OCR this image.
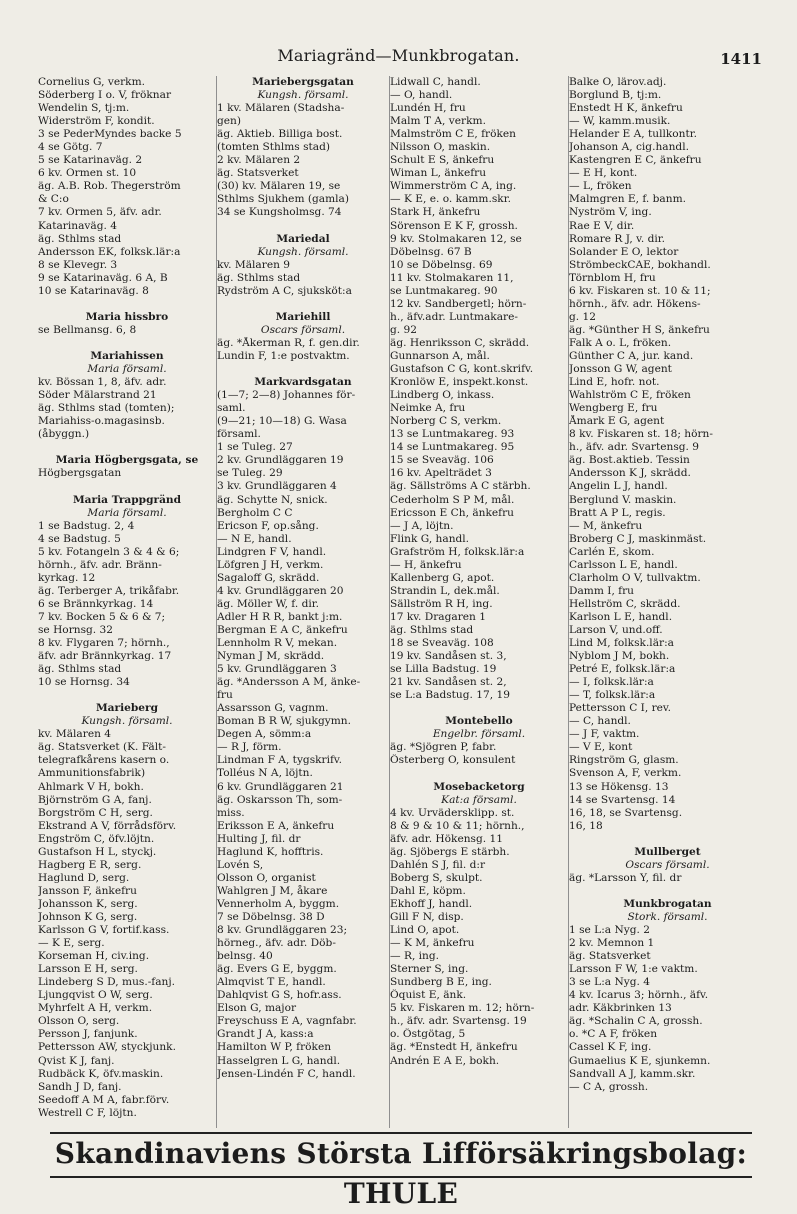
Mariagränd—Munkbrogatan.	1411
Cornelius G, verkm.
Söderberg I o. V, fröknar
Wendelin S, tj:m.
Widerström F, kondit.
3 se PederMyndes backe 5
4 se Götg. 7
5 se Katarinaväg. 2
6 kv. Ormen st. 10
äg. A.B. Rob. Thegerström
& C:o
7 kv. Ormen 5, äfv. adr.
Katarinaväg. 4
äg. Sthlms stad
Andersson EK, folksk.lär:a
8 se Klevegr. 3
9 se Katarinaväg. 6 A, B
10 se Katarinaväg. 8

Maria hissbro
se Bellmansg. 6, 8

Mariahissen
Maria församl.
kv. Bössan 1, 8, äfv. adr.
Söder Mälarstrand 21
äg. Sthlms stad (tomten);
Mariahiss-o.magasinsb.
(åbyggn.)

Maria Högbergsgata, se
Högbergsgatan

Maria Trappgränd
Maria församl.
1 se Badstug. 2, 4
4 se Badstug. 5
5 kv. Fotangeln 3 & 4 & 6;
hörnh., äfv. adr. Bränn-
kyrkag. 12
äg. Terberger A, trikåfabr.
6 se Brännkyrkag. 14
7 kv. Bocken 5 & 6 & 7;
se Hornsg. 32
8 kv. Flygaren 7; hörnh.,
äfv. adr Brännkyrkag. 17
äg. Sthlms stad
10 se Hornsg. 34

Marieberg
Kungsh. församl.
kv. Mälaren 4
äg. Statsverket (K. Fält-
telegrafkårens kasern o.
Ammunitionsfabrik)
Ahlmark V H, bokh.
Björnström G A, fanj.
Borgström C H, serg.
Ekstrand A V, förrådsförv.
Engström C, öfv.löjtn.
Gustafson H L, styckj.
Hagberg E R, serg.
Haglund D, serg.
Jansson F, änkefru
Johansson K, serg.
Johnson K G, serg.
Karlsson G V, fortif.kass.
— K E, serg.
Korseman H, civ.ing.
Larsson E H, serg.
Lindeberg S D, mus.-fanj.
Ljungqvist O W, serg.
Myhrfelt A H, verkm.
Olsson O, serg.
Persson J, fanjunk.
Pettersson AW, styckjunk.
Qvist K J, fanj.
Rudbäck K, öfv.maskin.
Sandh J D, fanj.
Seedoff A M A, fabr.förv.
Westrell C F, löjtn.
Mariebergsgatan
Kungsh. församl.
1 kv. Mälaren (Stadsha-
gen)
äg. Aktieb. Billiga bost.
(tomten Sthlms stad)
2 kv. Mälaren 2
äg. Statsverket
(30) kv. Mälaren 19, se
Sthlms Sjukhem (gamla)
34 se Kungsholmsg. 74

Mariedal
Kungsh. församl.
kv. Mälaren 9
äg. Sthlms stad
Rydström A C, sjuksköt:a

Mariehill
Oscars församl.
äg. *Åkerman R, f. gen.dir.
Lundin F, 1:e postvaktm.

Markvardsgatan
(1—7; 2—8) Johannes för-
saml.
(9—21; 10—18) G. Wasa
församl.
1 se Tuleg. 27
2 kv. Grundläggaren 19
se Tuleg. 29
3 kv. Grundläggaren 4
äg. Schytte N, snick.
Bergholm C C
Ericson F, op.sång.
— N E, handl.
Lindgren F V, handl.
Löfgren J H, verkm.
Sagaloff G, skrädd.
4 kv. Grundläggaren 20
äg. Möller W, f. dir.
Adler H R R, bankt j:m.
Bergman E A C, änkefru
Lennholm R V, mekan.
Nyman J M, skrädd.
5 kv. Grundläggaren 3
äg. *Andersson A M, änke-
fru
Assarsson G, vagnm.
Boman B R W, sjukgymn.
Degen A, sömm:a
— R J, förm.
Lindman F A, tygskrifv.
Tolléus N A, löjtn.
6 kv. Grundläggaren 21
äg. Oskarsson Th, som-
miss.
Eriksson E A, änkefru
Hulting J, fil. dr
Haglund K, hofftris.
Lovén S,
Olsson O, organist
Wahlgren J M, åkare
Vennerholm A, byggm.
7 se Döbelnsg. 38 D
8 kv. Grundläggaren 23;
hörneg., äfv. adr. Döb-
belnsg. 40
äg. Evers G E, byggm.
Almqvist T E, handl.
Dahlqvist G S, hofr.ass.
Elson G, major
Freyschuss E A, vagnfabr.
Grandt J A, kass:a
Hamilton W P, fröken
Hasselgren L G, handl.
Jensen-Lindén F C, handl.
Lidwall C, handl.
— O, handl.
Lundén H, fru
Malm T A, verkm.
Malmström C E, fröken
Nilsson O, maskin.
Schult E S, änkefru
Wiman L, änkefru
Wimmerström C A, ing.
— K E, e. o. kamm.skr.
Stark H, änkefru
Sörenson E K F, grossh.
9 kv. Stolmakaren 12, se
Döbelnsg. 67 B
10 se Döbelnsg. 69
11 kv. Stolmakaren 11,
se Luntmakareg. 90
12 kv. Sandbergetl; hörn-
h., äfv.adr. Luntmakare-
g. 92
äg. Henriksson C, skrädd.
Gunnarson A, mål.
Gustafson C G, kont.skrifv.
Kronlöw E, inspekt.konst.
Lindberg O, inkass.
Neimke A, fru
Norberg C S, verkm.
13 se Luntmakareg. 93
14 se Luntmakareg. 95
15 se Sveaväg. 106
16 kv. Apelträdet 3
äg. Sällströms A C stärbh.
Cederholm S P M, mål.
Ericsson E Ch, änkefru
— J A, löjtn.
Flink G, handl.
Grafström H, folksk.lär:a
— H, änkefru
Kallenberg G, apot.
Strandin L, dek.mål.
Sällström R H, ing.
17 kv. Dragaren 1
äg. Sthlms stad
18 se Sveaväg. 108
19 kv. Sandåsen st. 3,
se Lilla Badstug. 19
21 kv. Sandåsen st. 2,
se L:a Badstug. 17, 19

Montebello
Engelbr. församl.
äg. *Sjögren P, fabr.
Österberg O, konsulent

Mosebacketorg
Kat:a församl.
4 kv. Urvädersklipp. st.
8 & 9 & 10 & 11; hörnh.,
äfv. adr. Hökensg. 11
äg. Sjöbergs E stärbh.
Dahlén S J, fil. d:r
Boberg S, skulpt.
Dahl E, köpm.
Ekhoff J, handl.
Gill F N, disp.
Lind O, apot.
— K M, änkefru
— R, ing.
Sterner S, ing.
Sundberg B E, ing.
Öquist E, änk.
5 kv. Fiskaren m. 12; hörn-
h., äfv. adr. Svartensg. 19
o. Östgötag, 5
äg. *Enstedt H, änkefru
Andrén E A E, bokh.
Balke O, lärov.adj.
Borglund B, tj:m.
Enstedt H K, änkefru
— W, kamm.musik.
Helander E A, tullkontr.
Johanson A, cig.handl.
Kastengren E C, änkefru
— E H, kont.
— L, fröken
Malmgren E, f. banm.
Nyström V, ing.
Rae E V, dir.
Romare R J, v. dir.
Solander E O, lektor
StrömbeckCAE, bokhandl.
Törnblom H, fru
6 kv. Fiskaren st. 10 & 11;
hörnh., äfv. adr. Hökens-
g. 12
äg. *Günther H S, änkefru
Falk A o. L, fröken.
Günther C A, jur. kand.
Jonsson G W, agent
Lind E, hofr. not.
Wahlström C E, fröken
Wengberg E, fru
Åmark E G, agent
8 kv. Fiskaren st. 18; hörn-
h., äfv. adr. Svartensg. 9
äg. Bost.aktieb. Tessin
Andersson K J, skrädd.
Angelin L J, handl.
Berglund V. maskin.
Bratt A P L, regis.
— M, änkefru
Broberg C J, maskinmäst.
Carlén E, skom.
Carlsson L E, handl.
Clarholm O V, tullvaktm.
Damm I, fru
Hellström C, skrädd.
Karlson L E, handl.
Larson V, und.off.
Lind M, folksk.lär:a
Nyblom J M, bokh.
Petré E, folksk.lär:a
— I, folksk.lär:a
— T, folksk.lär:a
Pettersson C I, rev.
— C, handl.
— J F, vaktm.
— V E, kont
Ringström G, glasm.
Svenson A, F, verkm.
13 se Hökensg. 13
14 se Svartensg. 14
16, 18, se Svartensg.
16, 18

Mullberget
Oscars församl.
äg. *Larsson Y, fil. dr

Munkbrogatan
Stork. församl.
1 se L:a Nyg. 2
2 kv. Memnon 1
äg. Statsverket
Larsson F W, 1:e vaktm.
3 se L:a Nyg. 4
4 kv. Icarus 3; hörnh., äfv.
adr. Käkbrinken 13
äg. *Schalin C A, grossh.
o. *C A F, fröken
Cassel K F, ing.
Gumaelius K E, sjunkemn.
Sandvall A J, kamm.skr.
— C A, grossh.
Skandinaviens Största Lifförsäkringsbolag: THULE
